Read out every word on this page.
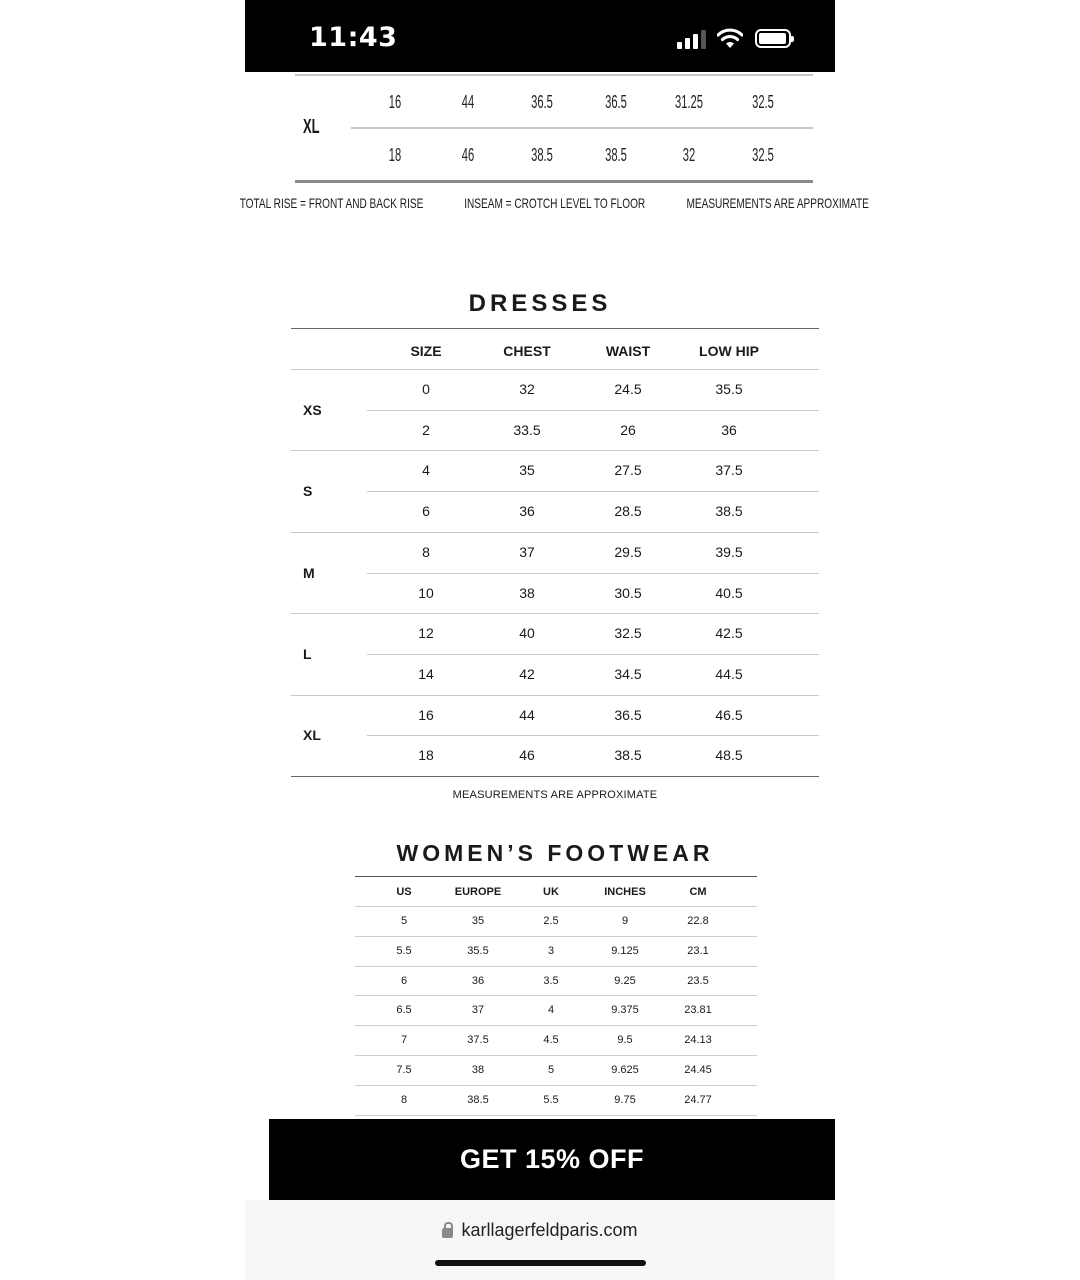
11:43
XL
16	44	36.5	36.5	31.25	32.5
18	46	38.5	38.5	32	32.5
TOTAL RISE = FRONT AND BACK RISE	INSEAM = CROTCH LEVEL TO FLOOR	MEASUREMENTS ARE APPROXIMATE
DRESSES
SIZE	CHEST	WAIST	LOW HIP
XS
0	32	24.5	35.5
2	33.5	26	36
S
4	35	27.5	37.5
6	36	28.5	38.5
M
8	37	29.5	39.5
10	38	30.5	40.5
L
12	40	32.5	42.5
14	42	34.5	44.5
XL
16	44	36.5	46.5
18	46	38.5	48.5
MEASUREMENTS ARE APPROXIMATE
WOMEN’S FOOTWEAR
US	EUROPE	UK	INCHES	CM
5	35	2.5	9	22.8
5.5	35.5	3	9.125	23.1
6	36	3.5	9.25	23.5
6.5	37	4	9.375	23.81
7	37.5	4.5	9.5	24.13
7.5	38	5	9.625	24.45
8	38.5	5.5	9.75	24.77
GET 15% OFF
karllagerfeldparis.com
